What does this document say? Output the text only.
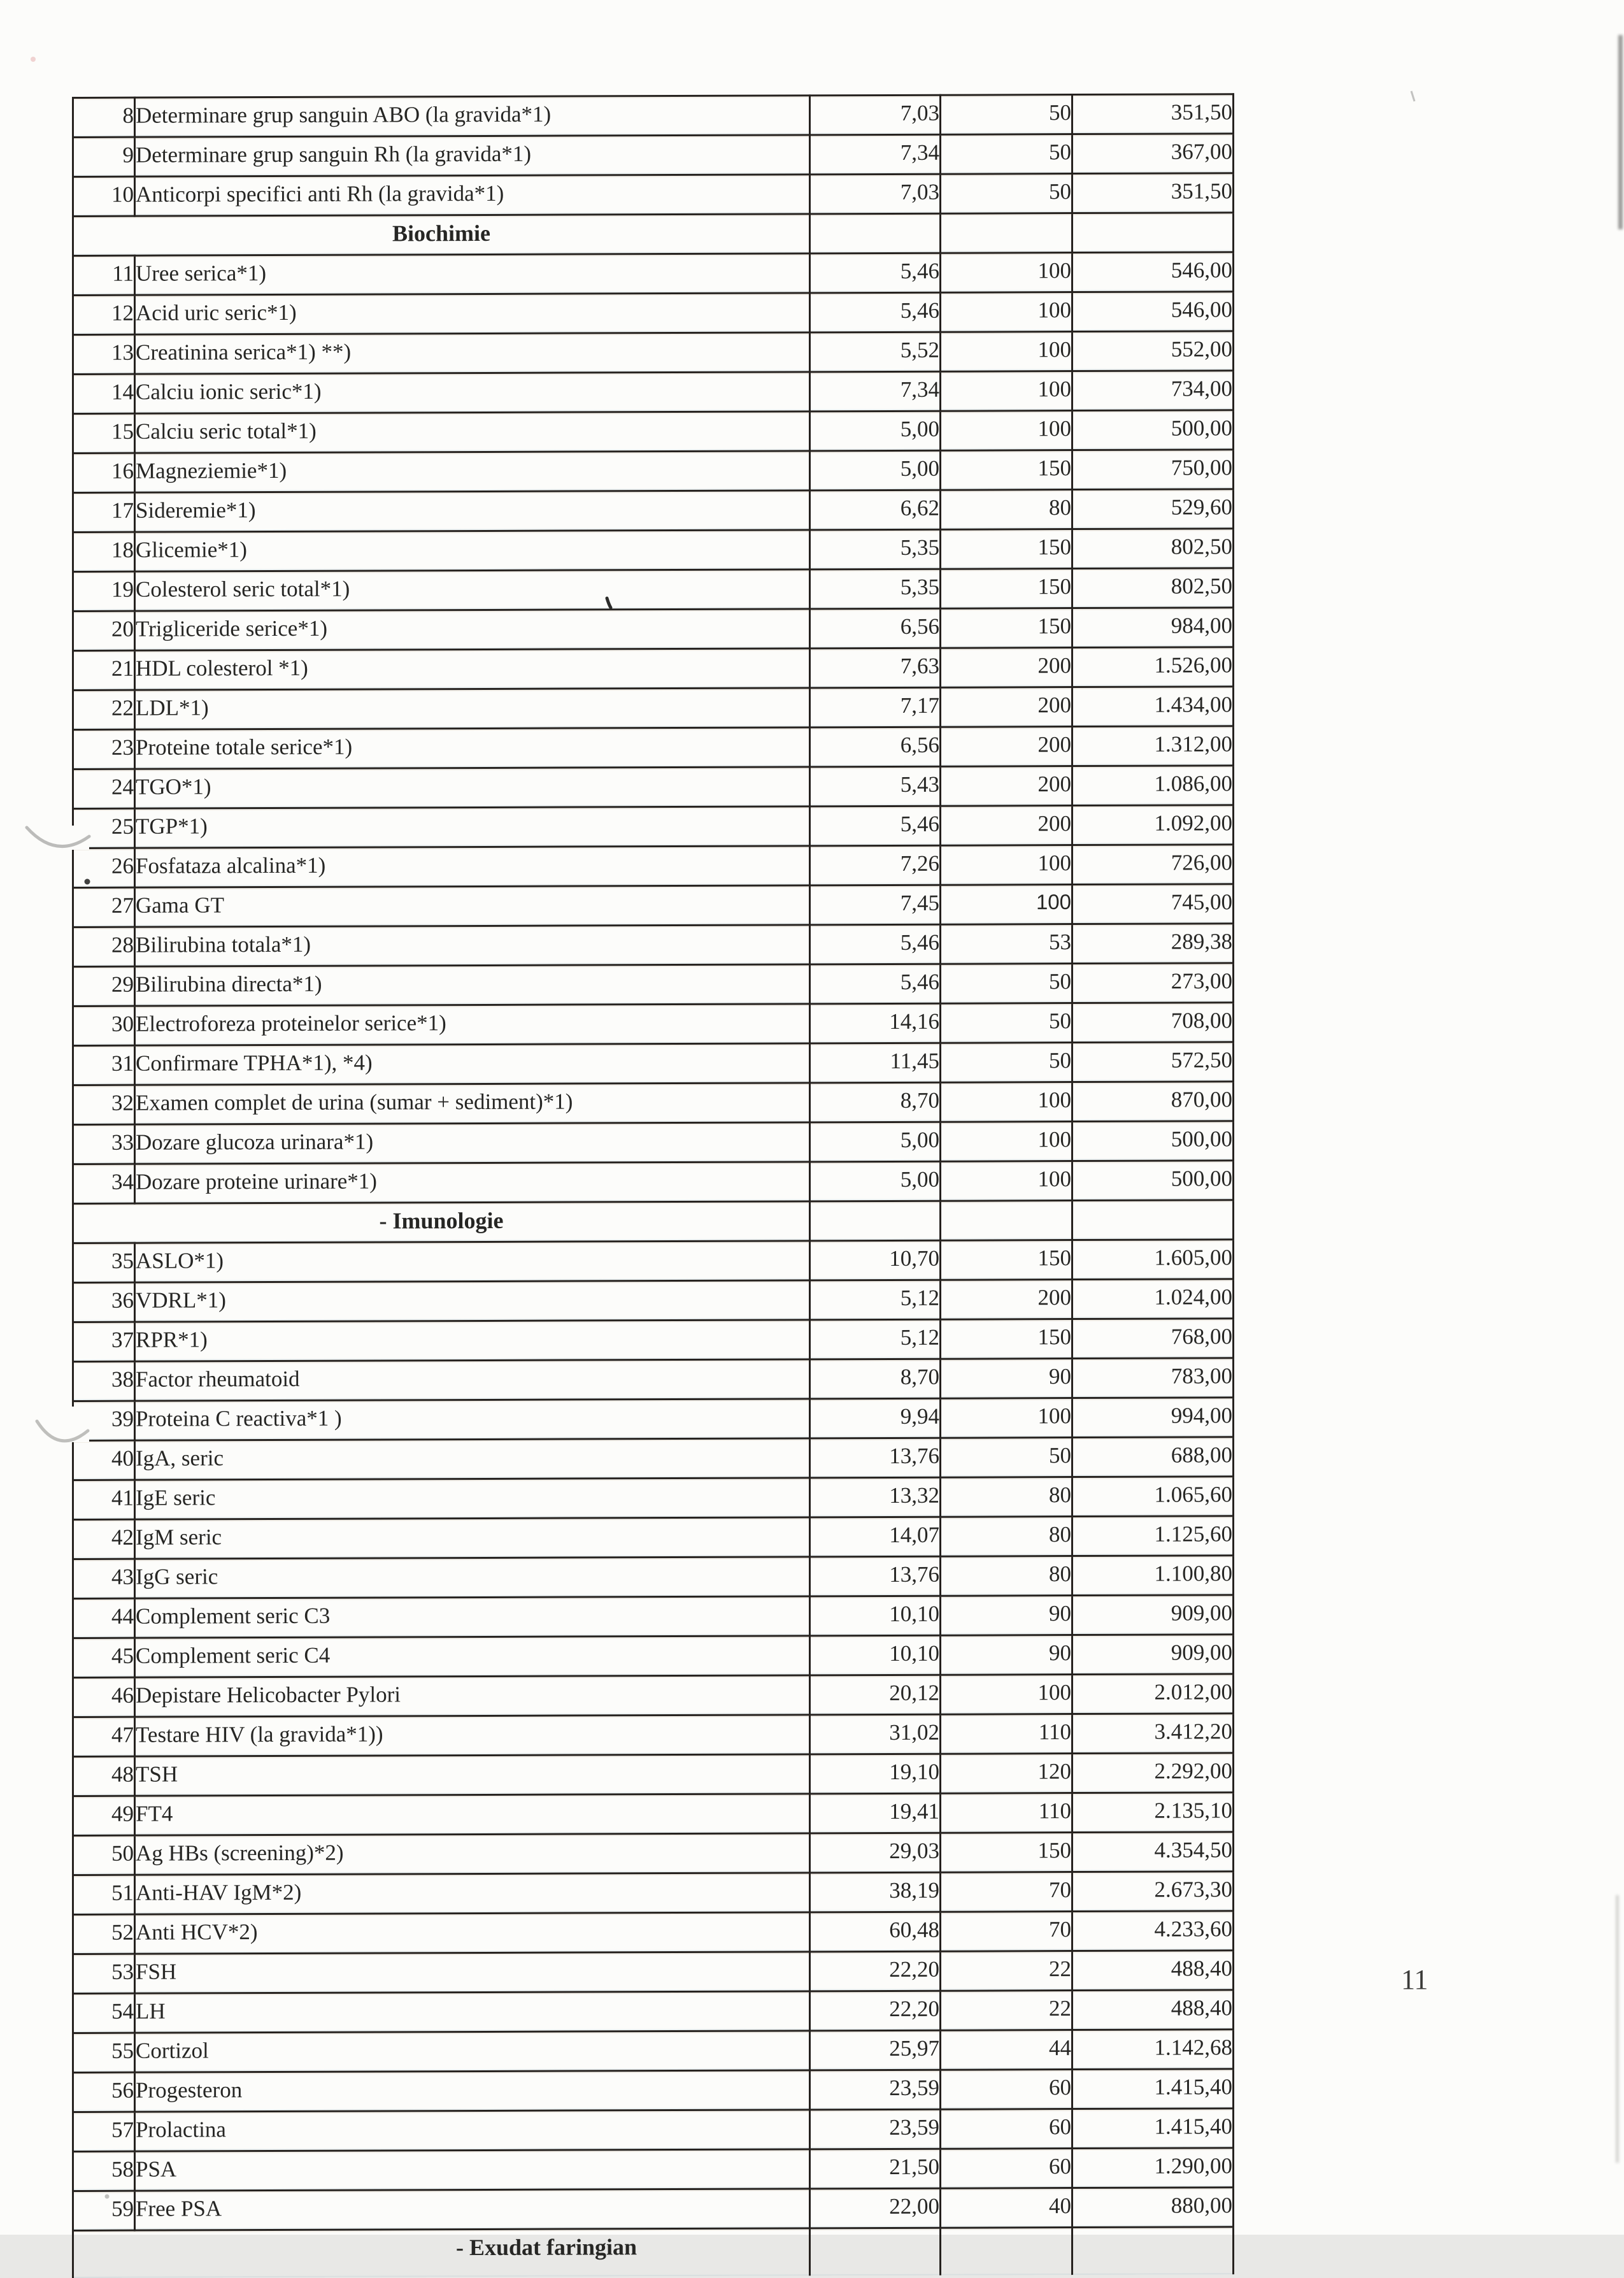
8	Determinare grup sanguin ABO (la gravida*1)	7,03	50	351,50
9	Determinare grup sanguin Rh (la gravida*1)	7,34	50	367,00
10	Anticorpi specifici anti Rh (la gravida*1)	7,03	50	351,50
Biochimie				
11	Uree serica*1)	5,46	100	546,00
12	Acid uric seric*1)	5,46	100	546,00
13	Creatinina serica*1) **)	5,52	100	552,00
14	Calciu ionic seric*1)	7,34	100	734,00
15	Calciu seric total*1)	5,00	100	500,00
16	Magneziemie*1)	5,00	150	750,00
17	Sideremie*1)	6,62	80	529,60
18	Glicemie*1)	5,35	150	802,50
19	Colesterol seric total*1)	5,35	150	802,50
20	Trigliceride serice*1)	6,56	150	984,00
21	HDL colesterol *1)	7,63	200	1.526,00
22	LDL*1)	7,17	200	1.434,00
23	Proteine totale serice*1)	6,56	200	1.312,00
24	TGO*1)	5,43	200	1.086,00
25	TGP*1)	5,46	200	1.092,00
26	Fosfataza alcalina*1)	7,26	100	726,00
27	Gama GT	7,45	100	745,00
28	Bilirubina totala*1)	5,46	53	289,38
29	Bilirubina directa*1)	5,46	50	273,00
30	Electroforeza proteinelor serice*1)	14,16	50	708,00
31	Confirmare TPHA*1), *4)	11,45	50	572,50
32	Examen complet de urina (sumar + sediment)*1)	8,70	100	870,00
33	Dozare glucoza urinara*1)	5,00	100	500,00
34	Dozare proteine urinare*1)	5,00	100	500,00
- Imunologie				
35	ASLO*1)	10,70	150	1.605,00
36	VDRL*1)	5,12	200	1.024,00
37	RPR*1)	5,12	150	768,00
38	Factor rheumatoid	8,70	90	783,00
39	Proteina C reactiva*1 )	9,94	100	994,00
40	IgA, seric	13,76	50	688,00
41	IgE seric	13,32	80	1.065,60
42	IgM seric	14,07	80	1.125,60
43	IgG seric	13,76	80	1.100,80
44	Complement seric C3	10,10	90	909,00
45	Complement seric C4	10,10	90	909,00
46	Depistare Helicobacter Pylori	20,12	100	2.012,00
47	Testare HIV (la gravida*1))	31,02	110	3.412,20
48	TSH	19,10	120	2.292,00
49	FT4	19,41	110	2.135,10
50	Ag HBs (screening)*2)	29,03	150	4.354,50
51	Anti-HAV IgM*2)	38,19	70	2.673,30
52	Anti HCV*2)	60,48	70	4.233,60
53	FSH	22,20	22	488,40
54	LH	22,20	22	488,40
55	Cortizol	25,97	44	1.142,68
56	Progesteron	23,59	60	1.415,40
57	Prolactina	23,59	60	1.415,40
58	PSA	21,50	60	1.290,00
59	Free PSA	22,00	40	880,00
- Exudat faringian				
11
